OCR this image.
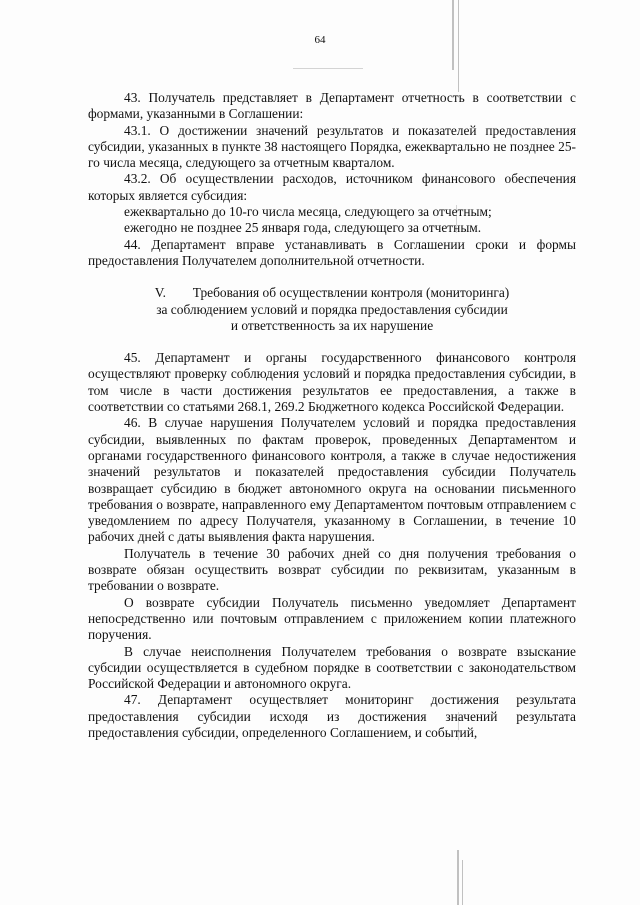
64

43. Получатель представляет в Департамент отчетность в соответствии с формами, указанными в Соглашении:

43.1. О достижении значений результатов и показателей предоставления субсидии, указанных в пункте 38 настоящего Порядка, ежеквартально не позднее 25-го числа месяца, следующего за отчетным кварталом.

43.2. Об осуществлении расходов, источником финансового обеспечения которых является субсидия:

ежеквартально до 10-го числа месяца, следующего за отчетным;

ежегодно не позднее 25 января года, следующего за отчетным.

44. Департамент вправе устанавливать в Соглашении сроки и формы предоставления Получателем дополнительной отчетности.

V.        Требования об осуществлении контроля (мониторинга)

за соблюдением условий и порядка предоставления субсидии

и ответственность за их нарушение

45. Департамент и органы государственного финансового контроля осуществляют проверку соблюдения условий и порядка предоставления субсидии, в том числе в части достижения результатов ее предоставления, а также в соответствии со статьями 268.1, 269.2 Бюджетного кодекса Российской Федерации.

46. В случае нарушения Получателем условий и порядка предоставления субсидии, выявленных по фактам проверок, проведенных Департаментом и органами государственного финансового контроля, а также в случае недостижения значений результатов и показателей предоставления субсидии Получатель возвращает субсидию в бюджет автономного округа на основании письменного требования о возврате, направленного ему Департаментом почтовым отправлением с уведомлением по адресу Получателя, указанному в Соглашении, в течение 10 рабочих дней с даты выявления факта нарушения.

Получатель в течение 30 рабочих дней со дня получения требования о возврате обязан осуществить возврат субсидии по реквизитам, указанным в требовании о возврате.

О возврате субсидии Получатель письменно уведомляет Департамент непосредственно или почтовым отправлением с приложением копии платежного поручения.

В случае неисполнения Получателем требования о возврате взыскание субсидии осуществляется в судебном порядке в соответствии с законодательством Российской Федерации и автономного округа.

47. Департамент осуществляет мониторинг достижения результата предоставления субсидии исходя из достижения значений результата предоставления субсидии, определенного Соглашением, и событий,
